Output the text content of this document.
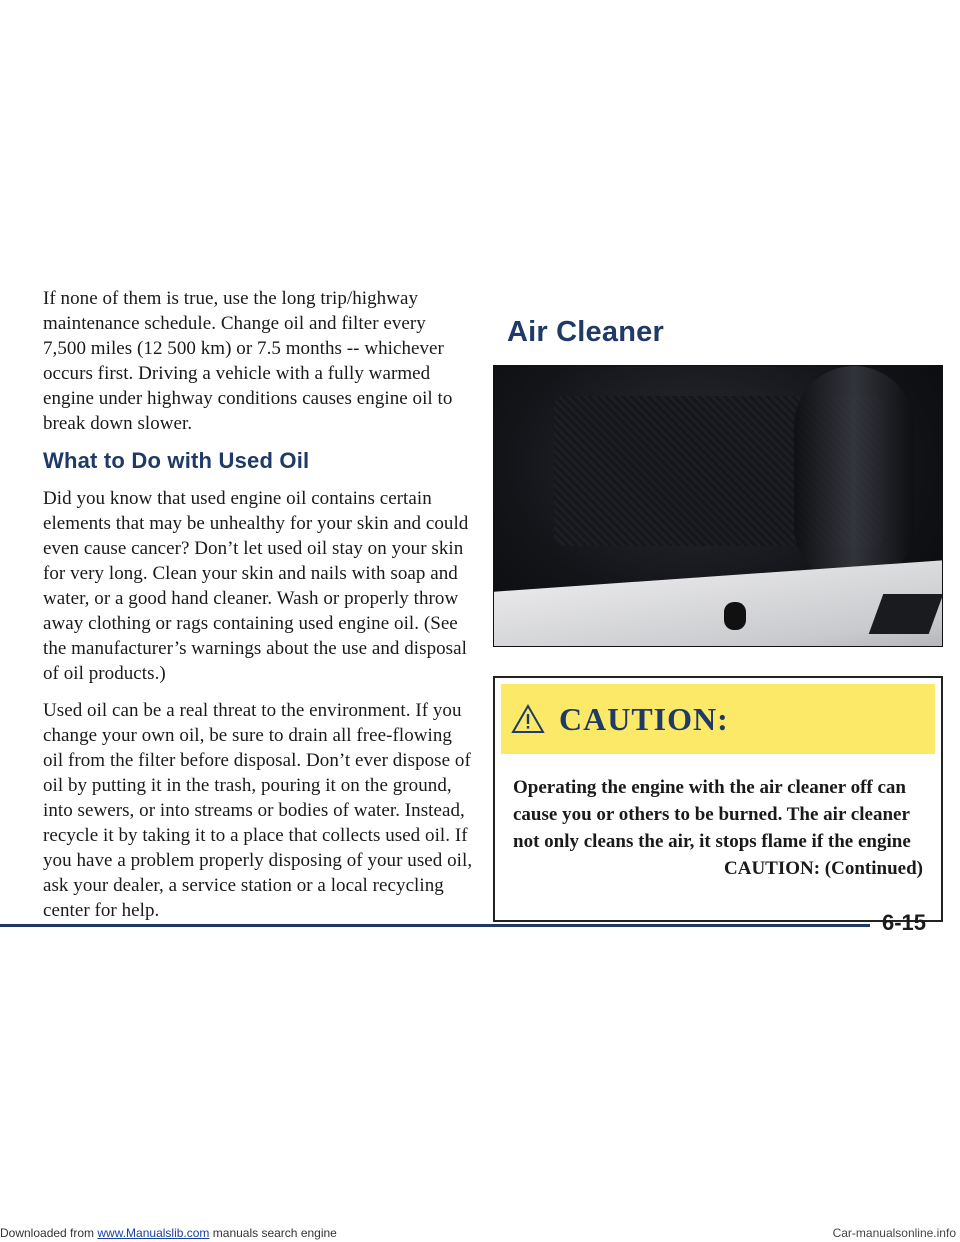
If none of them is true, use the long trip/highway maintenance schedule. Change oil and filter every 7,500 miles (12 500 km) or 7.5 months -- whichever occurs first. Driving a vehicle with a fully warmed engine under highway conditions causes engine oil to break down slower.

What to Do with Used Oil

Did you know that used engine oil contains certain elements that may be unhealthy for your skin and could even cause cancer? Don’t let used oil stay on your skin for very long. Clean your skin and nails with soap and water, or a good hand cleaner. Wash or properly throw away clothing or rags containing used engine oil. (See the manufacturer’s warnings about the use and disposal of oil products.)

Used oil can be a real threat to the environment. If you change your own oil, be sure to drain all free-flowing oil from the filter before disposal. Don’t ever dispose of oil by putting it in the trash, pouring it on the ground, into sewers, or into streams or bodies of water. Instead, recycle it by taking it to a place that collects used oil. If you have a problem properly disposing of your used oil, ask your dealer, a service station or a local recycling center for help.

Air Cleaner
CAUTION:

Operating the engine with the air cleaner off can cause you or others to be burned. The air cleaner not only cleans the air, it stops flame if the engine

CAUTION: (Continued)
6-15
Downloaded from www.Manualslib.com manuals search engine	Car-manualsonline.info
